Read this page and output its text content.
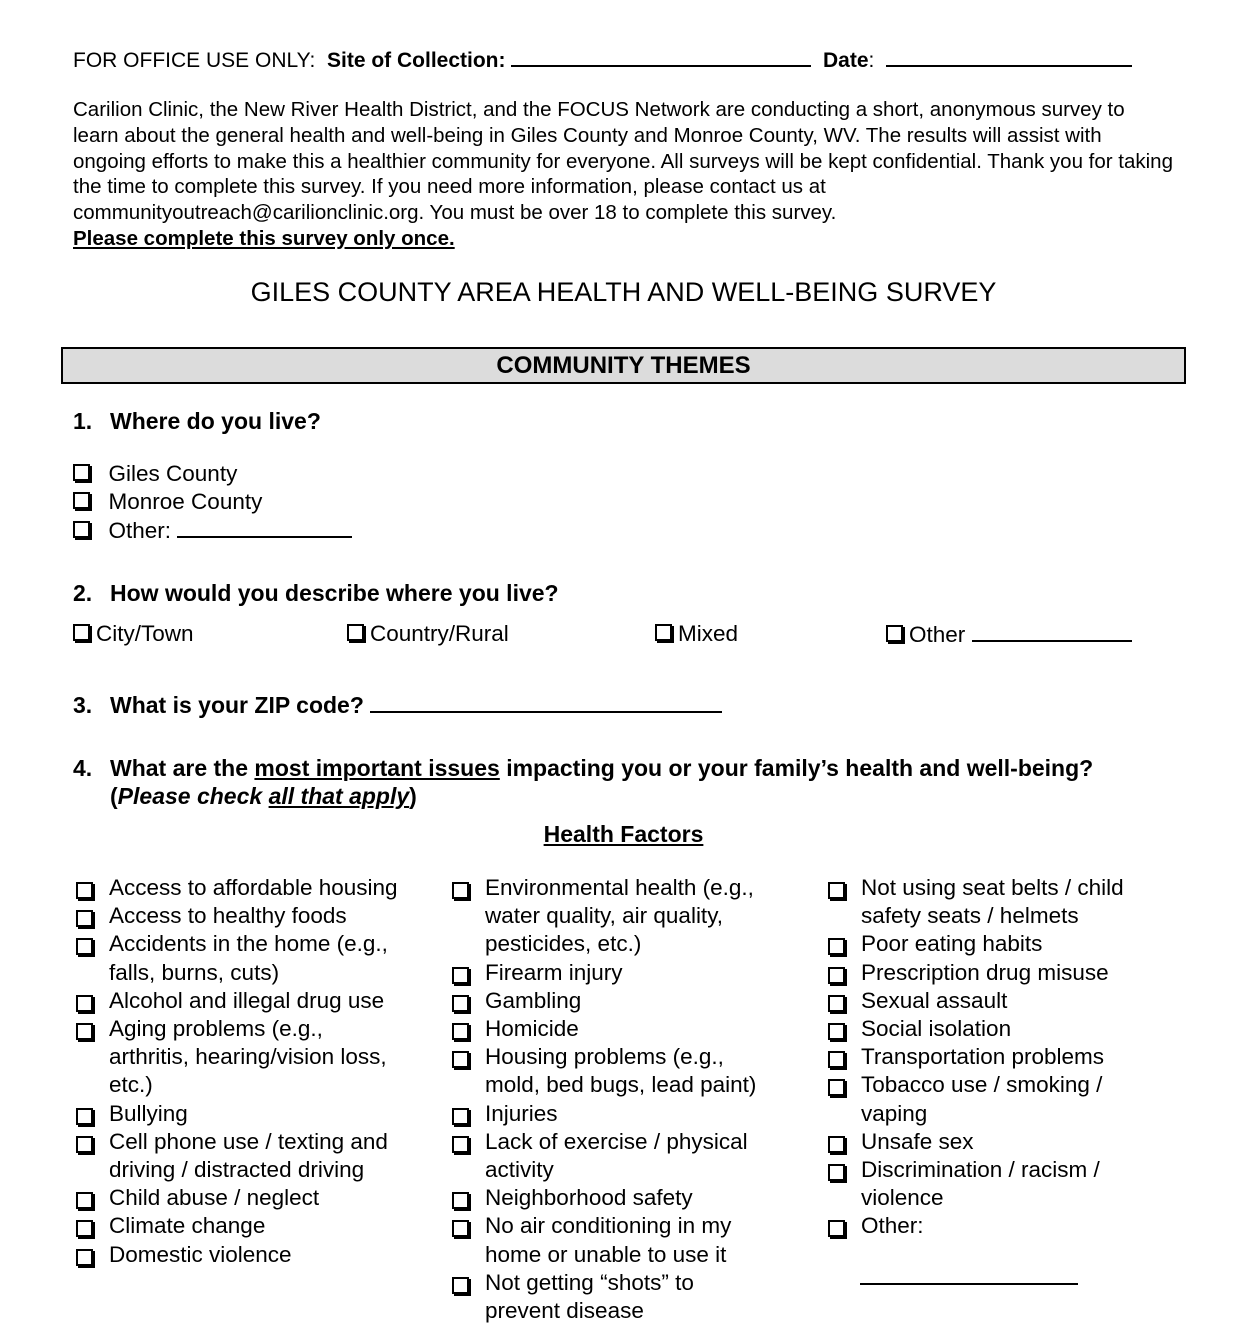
FOR OFFICE USE ONLY: Site of Collection:	Date:
Carilion Clinic, the New River Health District, and the FOCUS Network are conducting a short, anonymous survey to learn about the general health and well-being in Giles County and Monroe County, WV. The results will assist with ongoing efforts to make this a healthier community for everyone. All surveys will be kept confidential. Thank you for taking the time to complete this survey. If you need more information, please contact us at communityoutreach@carilionclinic.org. You must be over 18 to complete this survey.
Please complete this survey only once.
GILES COUNTY AREA HEALTH AND WELL-BEING SURVEY
COMMUNITY THEMES
1. Where do you live?
Giles County
Monroe County
Other:
2. How would you describe where you live?
City/Town	Country/Rural	Mixed	Other
3. What is your ZIP code?
4. What are the most important issues impacting you or your family’s health and well-being?
(Please check all that apply)
Health Factors
Access to affordable housing
Access to healthy foods
Accidents in the home (e.g.,
falls, burns, cuts)
Alcohol and illegal drug use
Aging problems (e.g.,
arthritis, hearing/vision loss,
etc.)
Bullying
Cell phone use / texting and
driving / distracted driving
Child abuse / neglect
Climate change
Domestic violence
Environmental health (e.g.,
water quality, air quality,
pesticides, etc.)
Firearm injury
Gambling
Homicide
Housing problems (e.g.,
mold, bed bugs, lead paint)
Injuries
Lack of exercise / physical
activity
Neighborhood safety
No air conditioning in my
home or unable to use it
Not getting “shots” to
prevent disease
Not using seat belts / child
safety seats / helmets
Poor eating habits
Prescription drug misuse
Sexual assault
Social isolation
Transportation problems
Tobacco use / smoking /
vaping
Unsafe sex
Discrimination / racism /
violence
Other:
